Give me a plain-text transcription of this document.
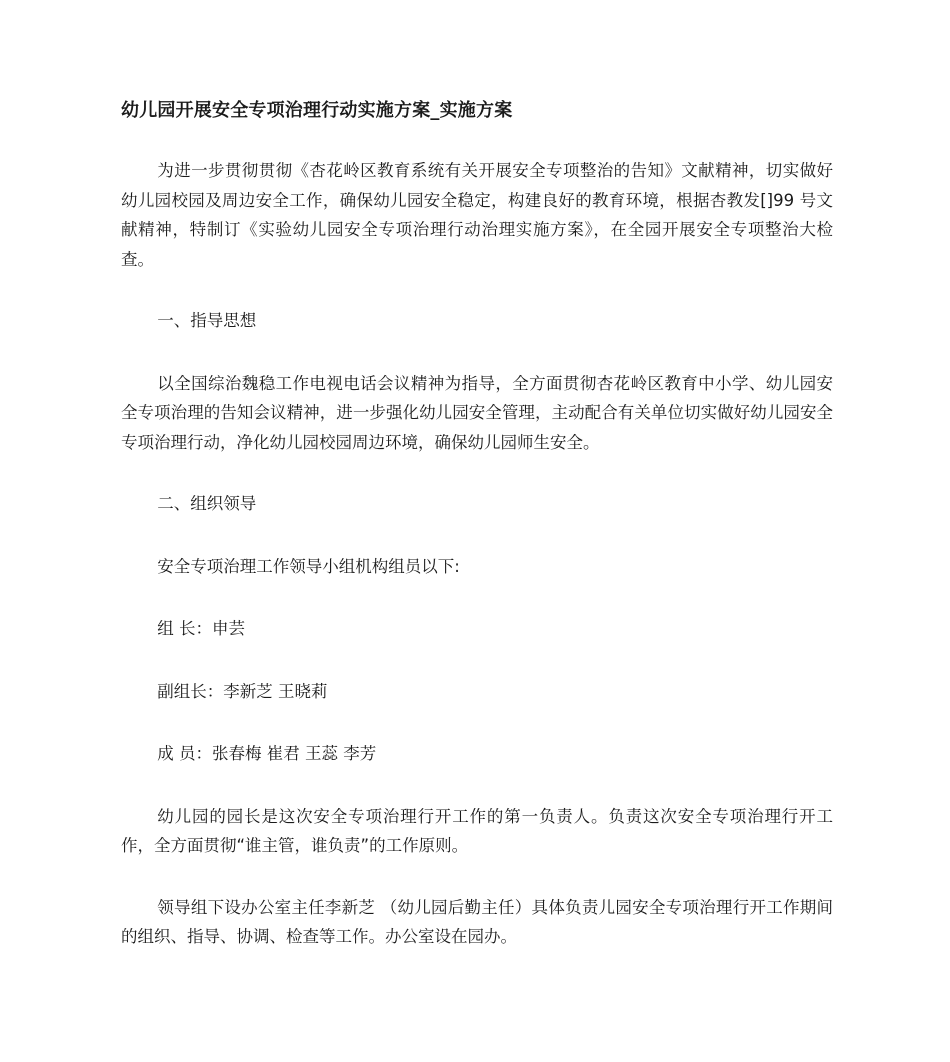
幼儿园开展安全专项治理行动实施方案_实施方案

为进一步贯彻贯彻《杏花岭区教育系统有关开展安全专项整治的告知》文献精神，切实做好幼儿园校园及周边安全工作，确保幼儿园安全稳定，构建良好的教育环境，根据杏教发[]99 号文献精神，特制订《实验幼儿园安全专项治理行动治理实施方案》，在全园开展安全专项整治大检查。

一、指导思想

以全国综治魏稳工作电视电话会议精神为指导，全方面贯彻杏花岭区教育中小学、幼儿园安全专项治理的告知会议精神，进一步强化幼儿园安全管理，主动配合有关单位切实做好幼儿园安全专项治理行动，净化幼儿园校园周边环境，确保幼儿园师生安全。

二、组织领导

安全专项治理工作领导小组机构组员以下:

组 长：申芸

副组长：李新芝 王晓莉

成 员：张春梅 崔君 王蕊 李芳

幼儿园的园长是这次安全专项治理行开工作的第一负责人。负责这次安全专项治理行开工作，全方面贯彻“谁主管，谁负责”的工作原则。

领导组下设办公室主任李新芝 （幼儿园后勤主任）具体负责儿园安全专项治理行开工作期间的组织、指导、协调、检查等工作。办公室设在园办。
